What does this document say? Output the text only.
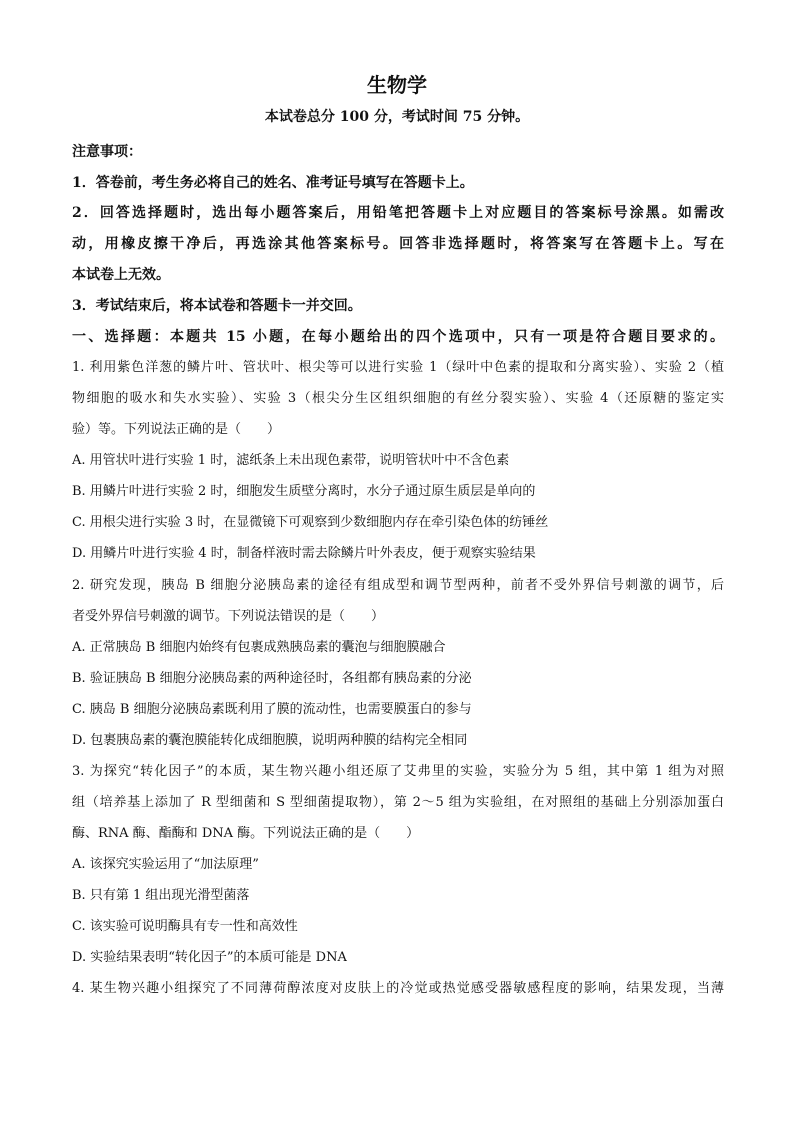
生物学
本试卷总分 100 分，考试时间 75 分钟。
注意事项：
1．答卷前，考生务必将自己的姓名、准考证号填写在答题卡上。
2．回答选择题时，选出每小题答案后，用铅笔把答题卡上对应题目的答案标号涂黑。如需改
动，用橡皮擦干净后，再选涂其他答案标号。回答非选择题时，将答案写在答题卡上。写在
本试卷上无效。
3．考试结束后，将本试卷和答题卡一并交回。
一、选择题：本题共 15 小题，在每小题给出的四个选项中，只有一项是符合题目要求的。
1. 利用紫色洋葱的鳞片叶、管状叶、根尖等可以进行实验 1（绿叶中色素的提取和分离实验）、实验 2（植
物细胞的吸水和失水实验）、实验 3（根尖分生区组织细胞的有丝分裂实验）、实验 4（还原糖的鉴定实
验）等。下列说法正确的是（　　）
A. 用管状叶进行实验 1 时，滤纸条上未出现色素带，说明管状叶中不含色素
B. 用鳞片叶进行实验 2 时，细胞发生质壁分离时，水分子通过原生质层是单向的
C. 用根尖进行实验 3 时，在显微镜下可观察到少数细胞内存在牵引染色体的纺锤丝
D. 用鳞片叶进行实验 4 时，制备样液时需去除鳞片叶外表皮，便于观察实验结果
2. 研究发现，胰岛 B 细胞分泌胰岛素的途径有组成型和调节型两种，前者不受外界信号刺激的调节，后
者受外界信号刺激的调节。下列说法错误的是（　　）
A. 正常胰岛 B 细胞内始终有包裹成熟胰岛素的囊泡与细胞膜融合
B. 验证胰岛 B 细胞分泌胰岛素的两种途径时，各组都有胰岛素的分泌
C. 胰岛 B 细胞分泌胰岛素既利用了膜的流动性，也需要膜蛋白的参与
D. 包裹胰岛素的囊泡膜能转化成细胞膜，说明两种膜的结构完全相同
3. 为探究“转化因子”的本质，某生物兴趣小组还原了艾弗里的实验，实验分为 5 组，其中第 1 组为对照
组（培养基上添加了 R 型细菌和 S 型细菌提取物），第 2～5 组为实验组，在对照组的基础上分别添加蛋白
酶、RNA 酶、酯酶和 DNA 酶。下列说法正确的是（　　）
A. 该探究实验运用了“加法原理”
B. 只有第 1 组出现光滑型菌落
C. 该实验可说明酶具有专一性和高效性
D. 实验结果表明“转化因子”的本质可能是 DNA
4. 某生物兴趣小组探究了不同薄荷醇浓度对皮肤上的冷觉或热觉感受器敏感程度的影响，结果发现，当薄
